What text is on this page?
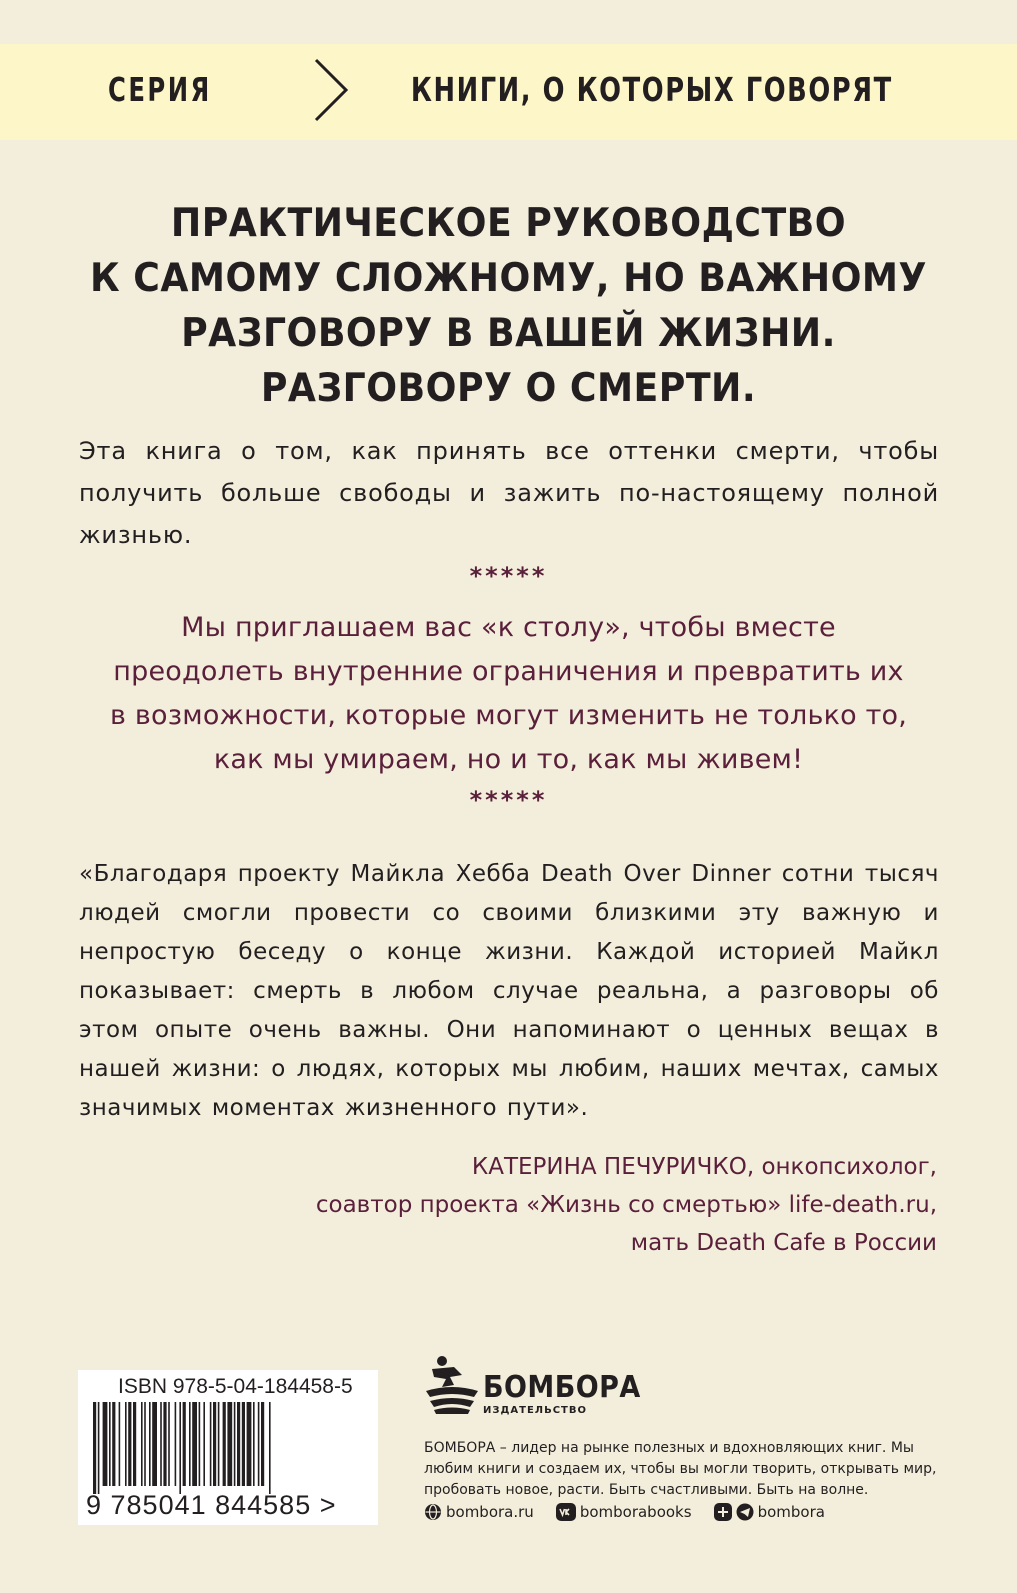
СЕРИЯ	КНИГИ, О КОТОРЫХ ГОВОРЯТ
ПРАКТИЧЕСКОЕ РУКОВОДСТВО
К САМОМУ СЛОЖНОМУ, НО ВАЖНОМУ
РАЗГОВОРУ В ВАШЕЙ ЖИЗНИ.
РАЗГОВОРУ О СМЕРТИ.

Эта книга о том, как принять все оттенки смерти, чтобы получить больше свободы и зажить по-настоящему полной жизнью.

*****
Мы приглашаем вас «к столу», чтобы вместе
преодолеть внутренние ограничения и превратить их
в возможности, которые могут изменить не только то,
как мы умираем, но и то, как мы живем!
*****

«Благодаря проекту Майкла Хебба Death Over Dinner сотни тысяч людей смогли провести со своими близкими эту важную и непростую беседу о конце жизни. Каждой историей Майкл показывает: смерть в любом случае реальна, а разговоры об этом опыте очень важны. Они напоминают о ценных вещах в нашей жизни: о людях, которых мы любим, наших мечтах, самых значимых моментах жизненного пути».

КАТЕРИНА ПЕЧУРИЧКО, онкопсихолог,
соавтор проекта «Жизнь со смертью» life-death.ru,
мать Death Cafe в России
ISBN 978-5-04-184458-5
9 785041 844585 >
БОМБОРА
ИЗДАТЕЛЬСТВО

БОМБОРА – лидер на рынке полезных и вдохновляющих книг. Мы любим книги и создаем их, чтобы вы могли творить, открывать мир, пробовать новое, расти. Быть счастливыми. Быть на волне.

bombora.ru	bomborabooks	bombora
